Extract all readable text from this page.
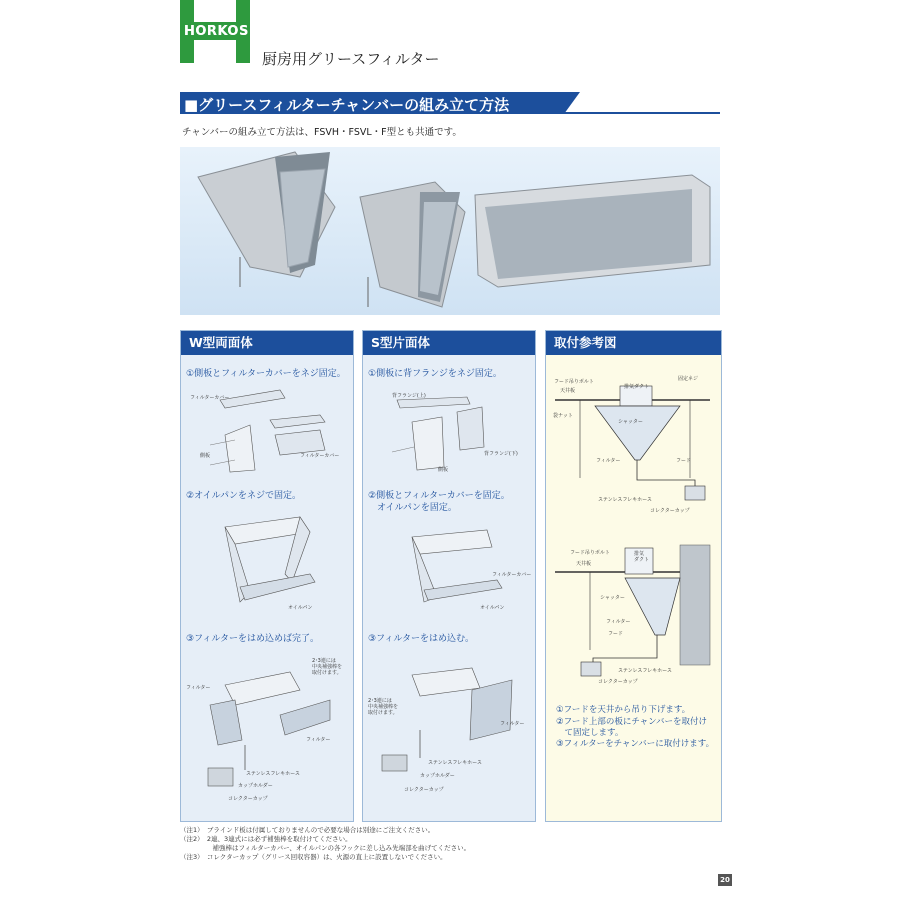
HORKOS
厨房用グリースフィルター
■グリースフィルターチャンバーの組み立て方法
チャンバーの組み立て方法は、FSVH・FSVL・F型とも共通です。
W型両面体
①側板とフィルターカバーをネジ固定。
②オイルパンをネジで固定。
③フィルターをはめ込めば完了。
フィルターカバー
側板	フィルターカバー
オイルパン
フィルター
2･3連には
中央補強棒を
取付けます。
フィルター
ステンレスフレキホース
カップホルダー
コレクターカップ
S型片面体
①側板に背フランジをネジ固定。
②側板とフィルターカバーを固定。
オイルパンを固定。
③フィルターをはめ込む。
背フランジ(上)
背フランジ(下)
側板
フィルターカバー
オイルパン
2･3連には
中央補強棒を
取付けます。
フィルター
ステンレスフレキホース
カップホルダー
コレクターカップ
取付参考図
フード吊りボルト
天井板
固定ネジ
排気ダクト
袋ナット
シャッター
フィルター	フード
ステンレスフレキホース
コレクターカップ
フード吊りボルト
天井板
排気
ダクト
シャッター
フィルター
フード
ステンレスフレキホース
コレクターカップ
①フードを天井から吊り下げます。
②フード上部の板にチャンバーを取付け
　て固定します。
③フィルターをチャンバーに取付けます。
（注1）　ブラインド板は付属しておりませんので必要な場合は別途にご注文ください。
（注2）　2連、3連式には必ず補強棒を取付けてください。
　　　　　補強棒はフィルターカバー、オイルパンの各フックに差し込み先端部を曲げてください。
（注3）　コレクターカップ（グリース回収容器）は、火源の直上に設置しないでください。
20
